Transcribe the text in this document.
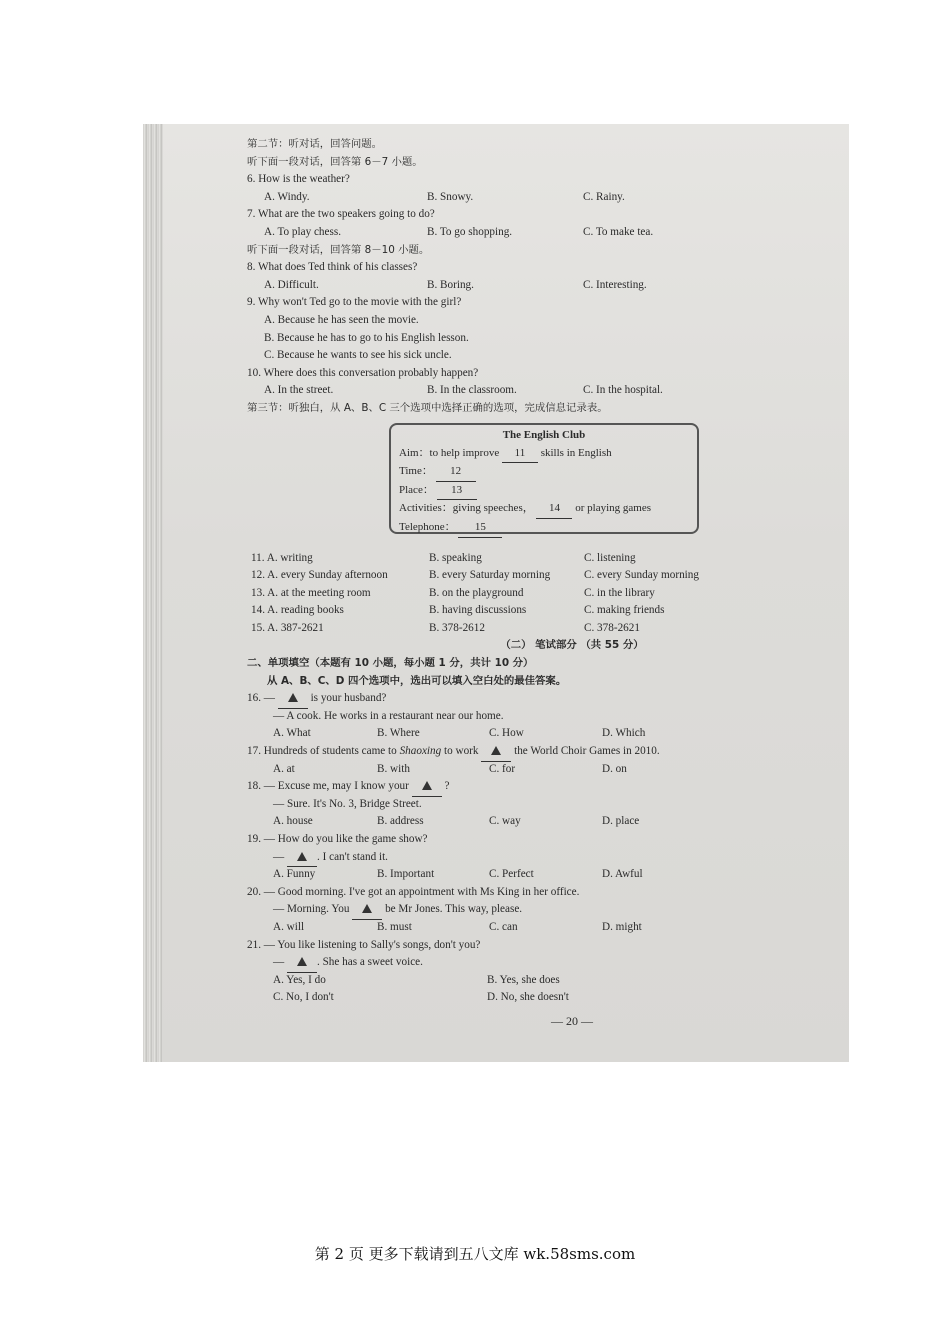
第二节：听对话，回答问题。
听下面一段对话，回答第 6－7 小题。
6. How is the weather?
A. Windy.	B. Snowy.	C. Rainy.
7. What are the two speakers going to do?
A. To play chess.	B. To go shopping.	C. To make tea.
听下面一段对话，回答第 8－10 小题。
8. What does Ted think of his classes?
A. Difficult.	B. Boring.	C. Interesting.
9. Why won't Ted go to the movie with the girl?
A. Because he has seen the movie.
B. Because he has to go to his English lesson.
C. Because he wants to see his sick uncle.
10. Where does this conversation probably happen?
A. In the street.	B. In the classroom.	C. In the hospital.
第三节：听独白，从 A、B、C 三个选项中选择正确的选项，完成信息记录表。
11. A. writing	B. speaking	C. listening
12. A. every Sunday afternoon	B. every Saturday morning	C. every Sunday morning
13. A. at the meeting room	B. on the playground	C. in the library
14. A. reading books	B. having discussions	C. making friends
15. A. 387-2621	B. 378-2612	C. 378-2621
（二） 笔试部分 （共 55 分）
二、单项填空（本题有 10 小题，每小题 1 分，共计 10 分）
从 A、B、C、D 四个选项中，选出可以填入空白处的最佳答案。
16. —	is your husband?
— A cook. He works in a restaurant near our home.
A. What	B. Where	C. How	D. Which
17. Hundreds of students came to Shaoxing to work	the World Choir Games in 2010.
A. at	B. with	C. for	D. on
18. — Excuse me, may I know your	?
— Sure. It's No. 3, Bridge Street.
A. house	B. address	C. way	D. place
19. — How do you like the game show?
—	. I can't stand it.
A. Funny	B. Important	C. Perfect	D. Awful
20. — Good morning. I've got an appointment with Ms King in her office.
— Morning. You	be Mr Jones. This way, please.
A. will	B. must	C. can	D. might
21. — You like listening to Sally's songs, don't you?
—	. She has a sweet voice.
A. Yes, I do	B. Yes, she does
C. No, I don't	D. No, she doesn't
— 20 —
The English Club
Aim：to help improve 11 skills in English
Time： 12
Place： 13
Activities：giving speeches， 14 or playing games
Telephone： 15
第 2 页 更多下载请到五八文库 wk.58sms.com
